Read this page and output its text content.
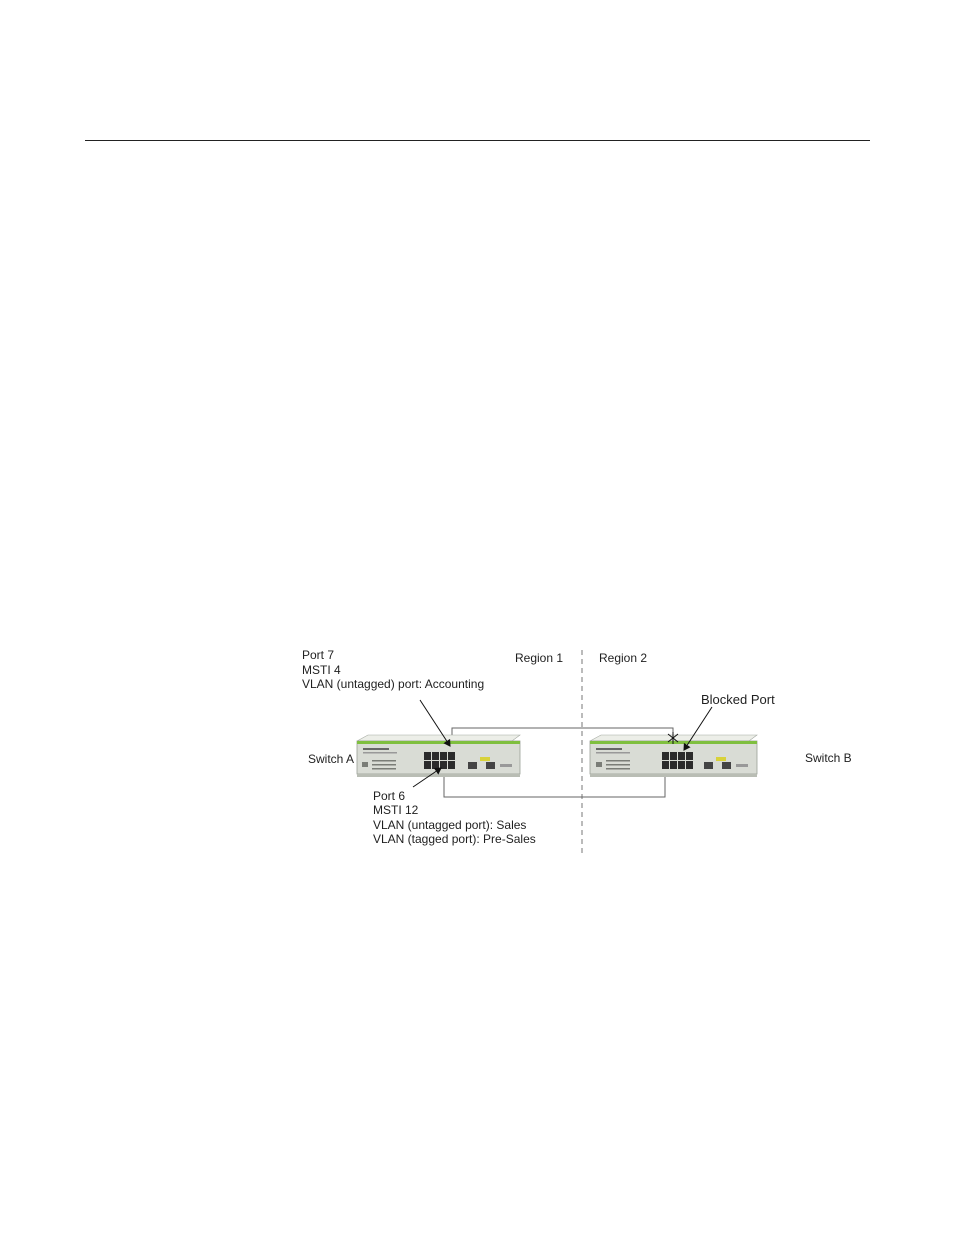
Port 7
MSTI 4
VLAN (untagged) port: Accounting
Region 1	Region 2
Blocked Port
Switch A	Switch B
Port 6
MSTI 12
VLAN (untagged port): Sales
VLAN (tagged port): Pre-Sales
